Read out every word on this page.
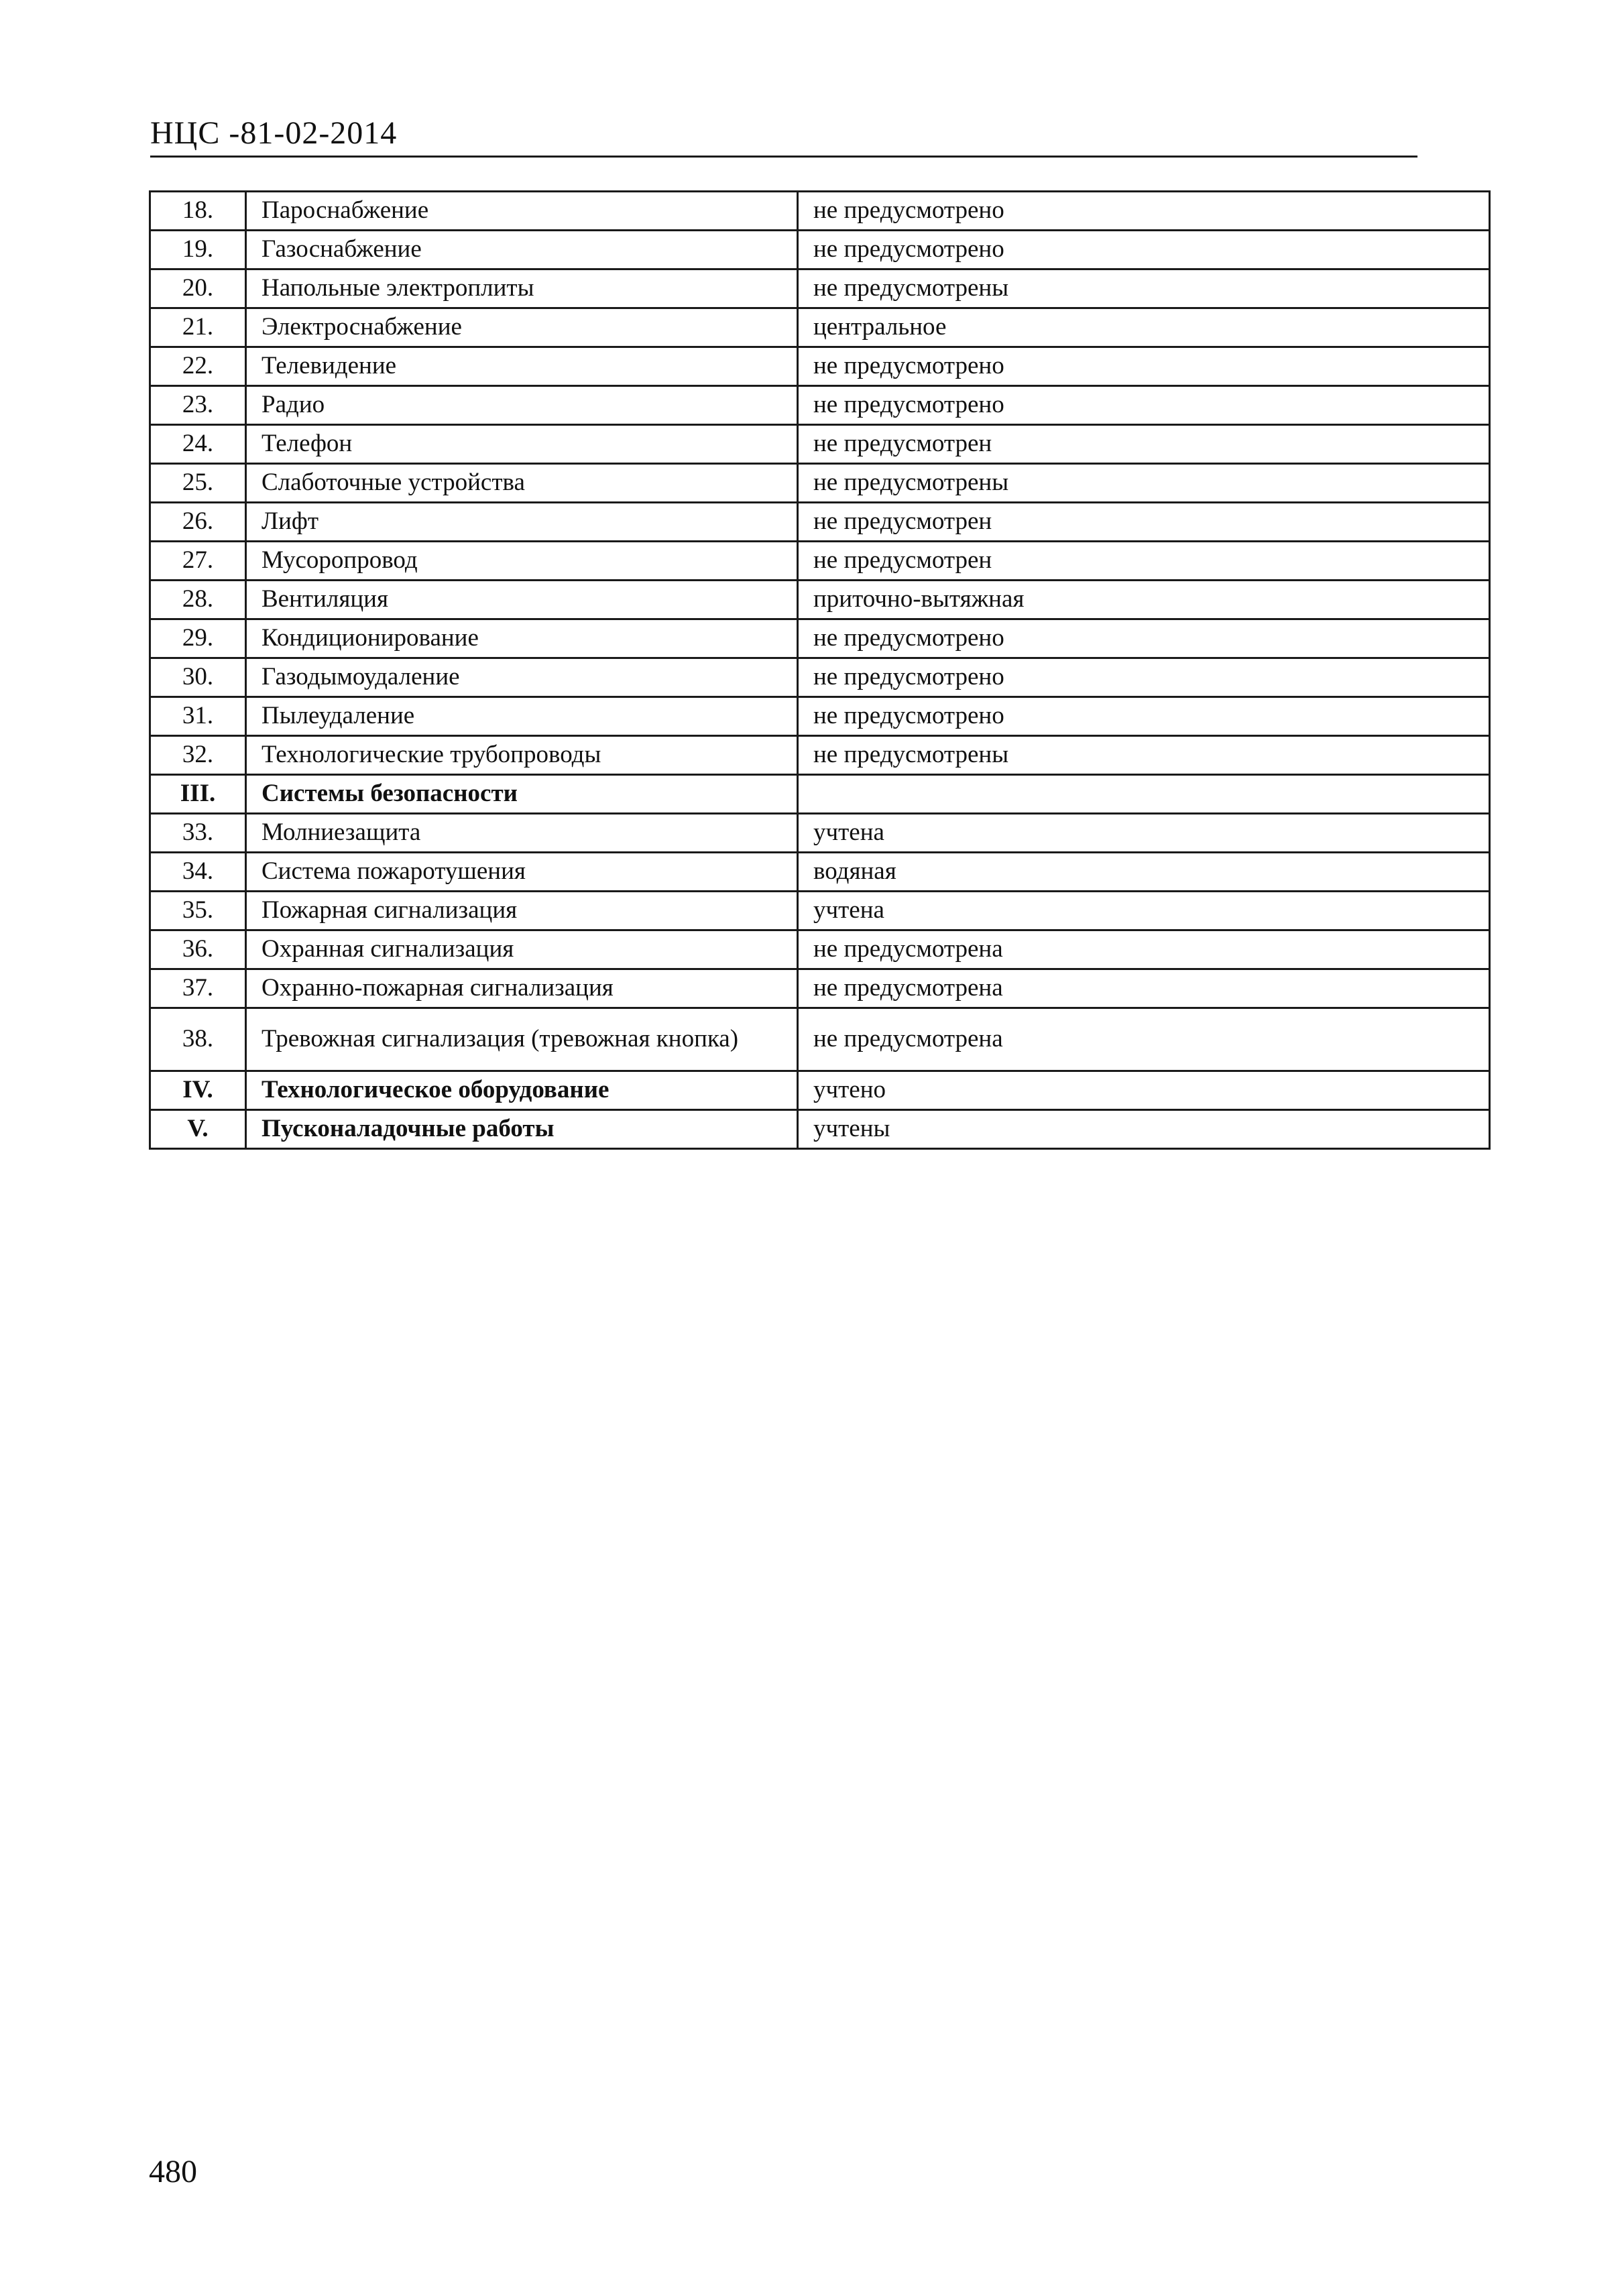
НЦС -81-02-2014
18.	Пароснабжение	не предусмотрено
19.	Газоснабжение	не предусмотрено
20.	Напольные электроплиты	не предусмотрены
21.	Электроснабжение	центральное
22.	Телевидение	не предусмотрено
23.	Радио	не предусмотрено
24.	Телефон	не предусмотрен
25.	Слаботочные устройства	не предусмотрены
26.	Лифт	не предусмотрен
27.	Мусоропровод	не предусмотрен
28.	Вентиляция	приточно-вытяжная
29.	Кондиционирование	не предусмотрено
30.	Газодымоудаление	не предусмотрено
31.	Пылеудаление	не предусмотрено
32.	Технологические трубопроводы	не предусмотрены
III.	Системы безопасности	
33.	Молниезащита	учтена
34.	Система пожаротушения	водяная
35.	Пожарная сигнализация	учтена
36.	Охранная сигнализация	не предусмотрена
37.	Охранно-пожарная сигнализация	не предусмотрена
38.	Тревожная сигнализация (тревожная кнопка)	не предусмотрена
IV.	Технологическое оборудование	учтено
V.	Пусконаладочные работы	учтены
480
